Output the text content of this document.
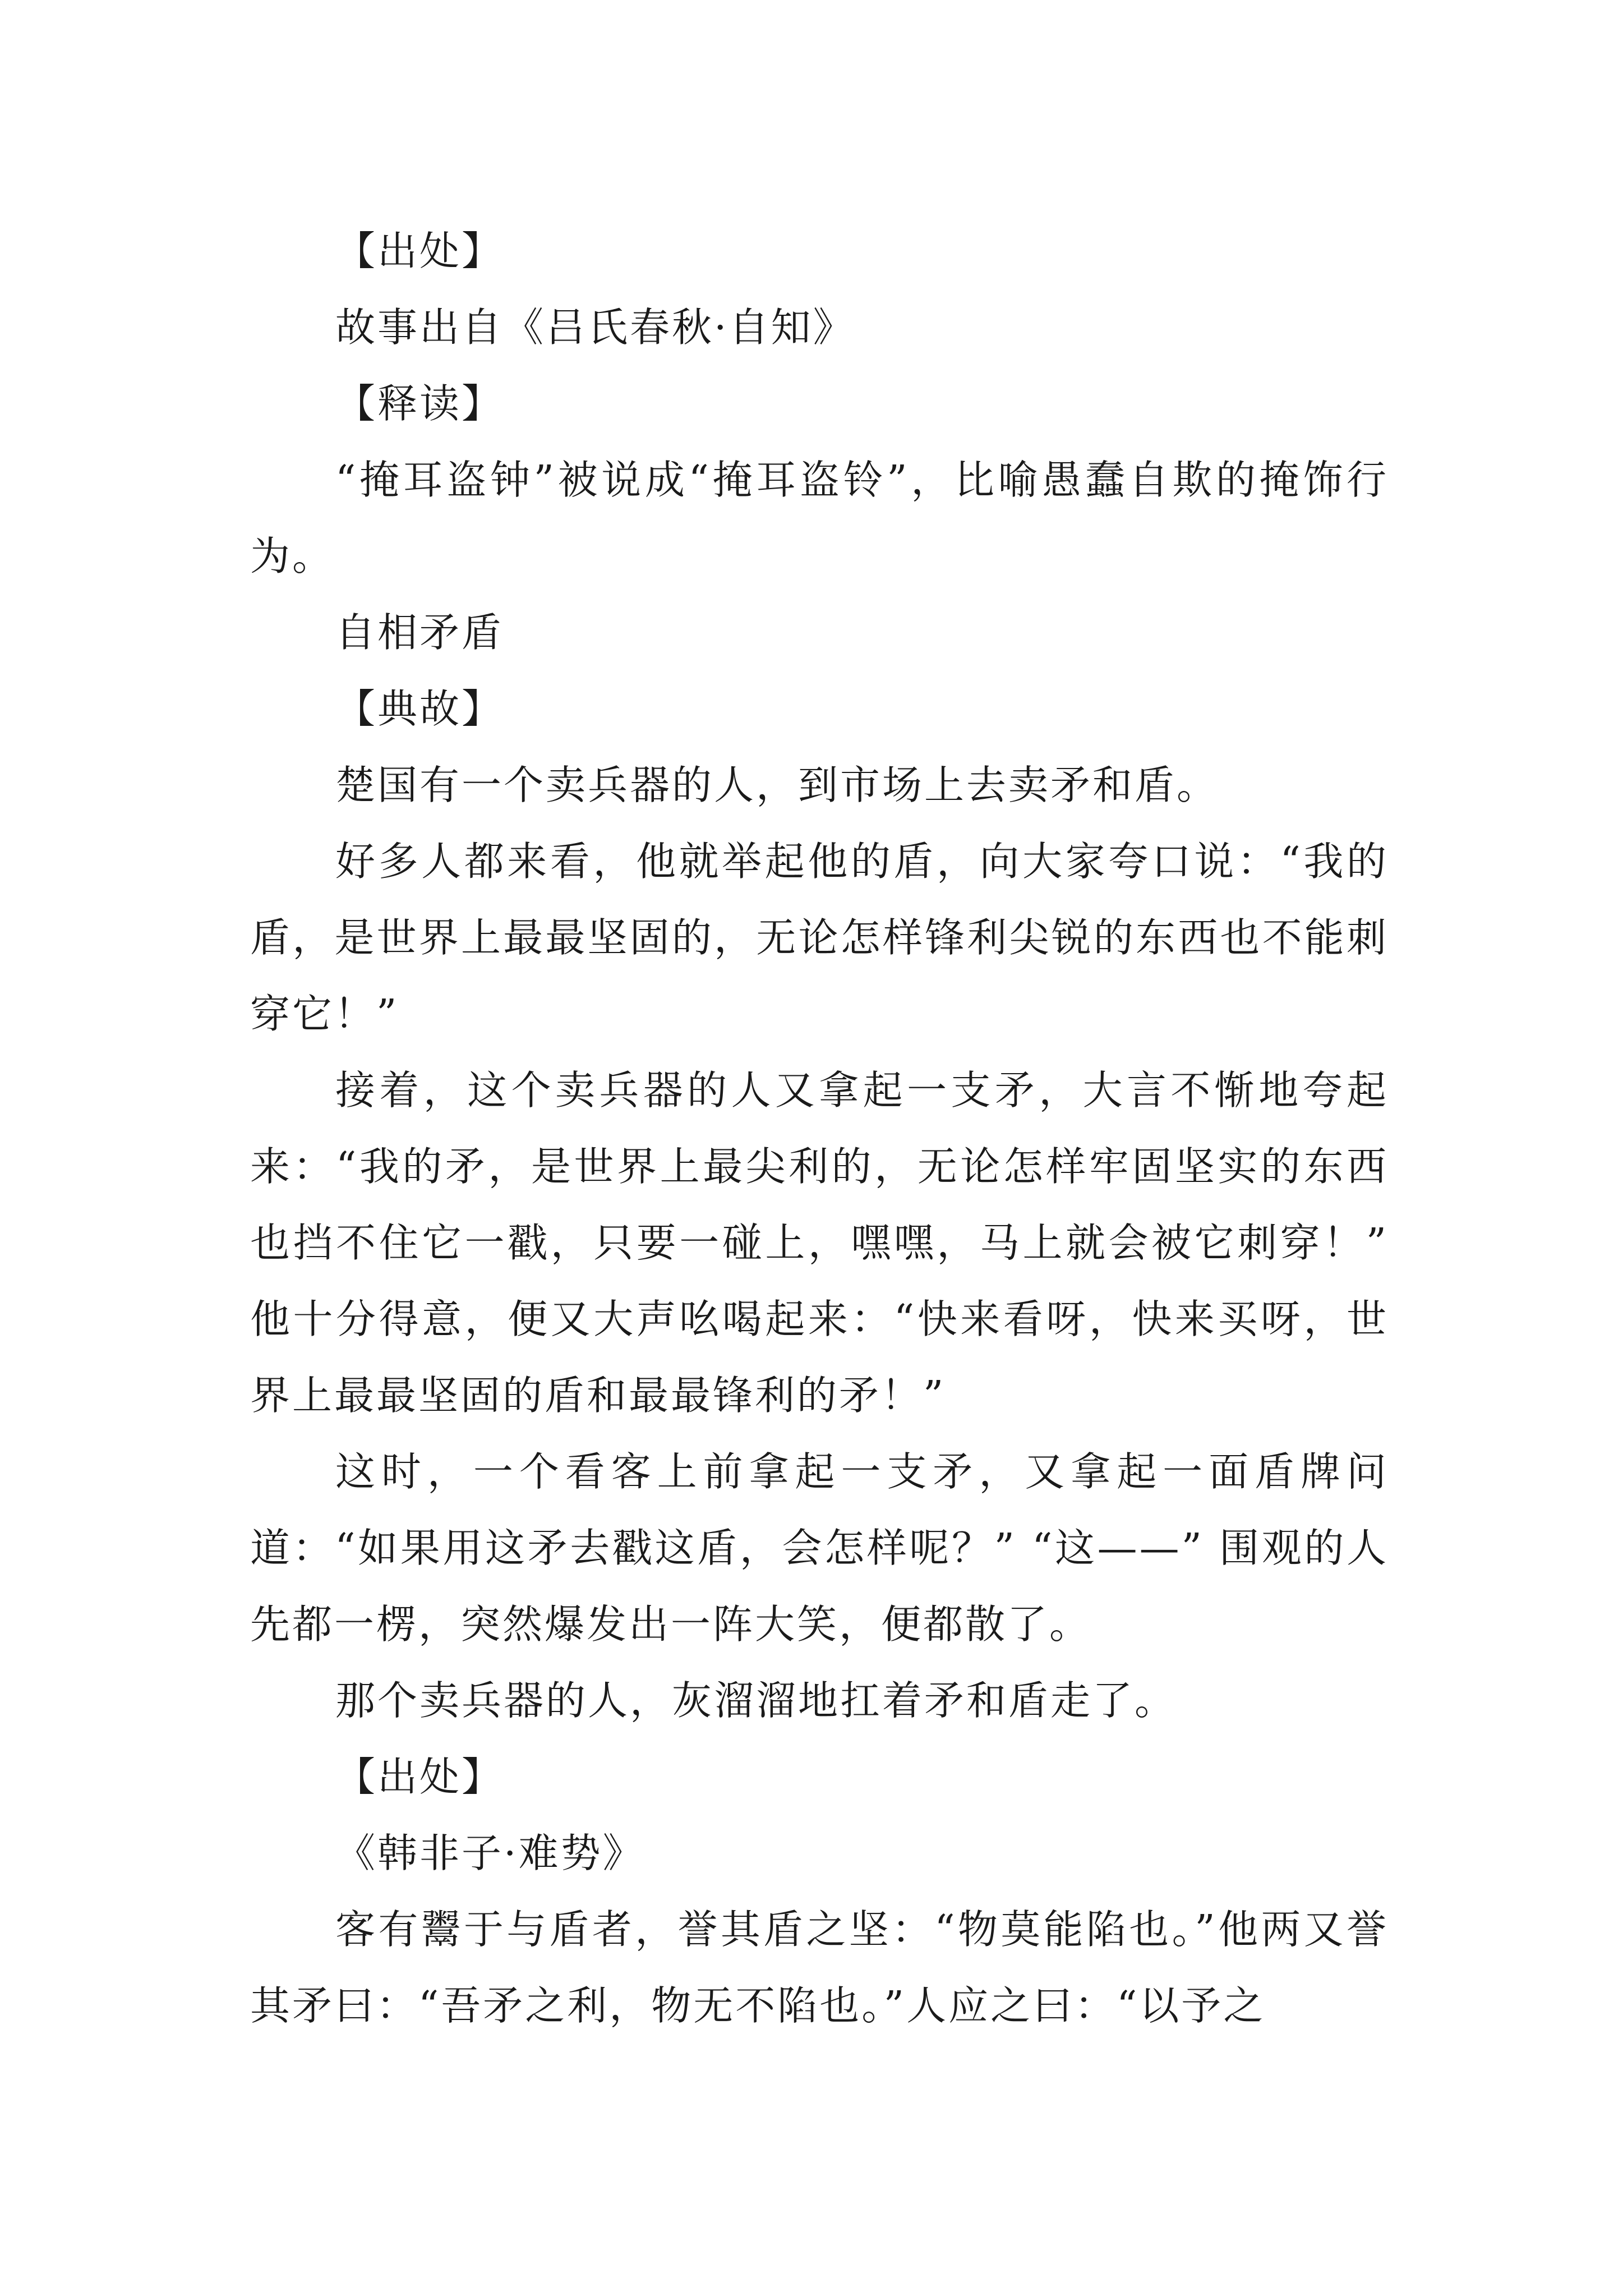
【出处】

故事出自《吕氏春秋·自知》

【释读】

“掩耳盗钟”被说成“掩耳盗铃”，比喻愚蠢自欺的掩饰行为。

自相矛盾

【典故】

楚国有一个卖兵器的人，到市场上去卖矛和盾。

好多人都来看，他就举起他的盾，向大家夸口说：“我的盾，是世界上最最坚固的，无论怎样锋利尖锐的东西也不能刺穿它！”

接着，这个卖兵器的人又拿起一支矛，大言不惭地夸起来：“我的矛，是世界上最尖利的，无论怎样牢固坚实的东西也挡不住它一戳，只要一碰上，嘿嘿，马上就会被它刺穿！” 他十分得意，便又大声吆喝起来：“快来看呀，快来买呀，世界上最最坚固的盾和最最锋利的矛！”

这时，一个看客上前拿起一支矛，又拿起一面盾牌问道：“如果用这矛去戳这盾，会怎样呢？” “这——” 围观的人先都一楞，突然爆发出一阵大笑，便都散了。

那个卖兵器的人，灰溜溜地扛着矛和盾走了。

【出处】

《韩非子·难势》

客有鬻于与盾者，誉其盾之坚：“物莫能陷也。”他两又誉其矛曰：“吾矛之利，物无不陷也。”人应之曰：“以予之
